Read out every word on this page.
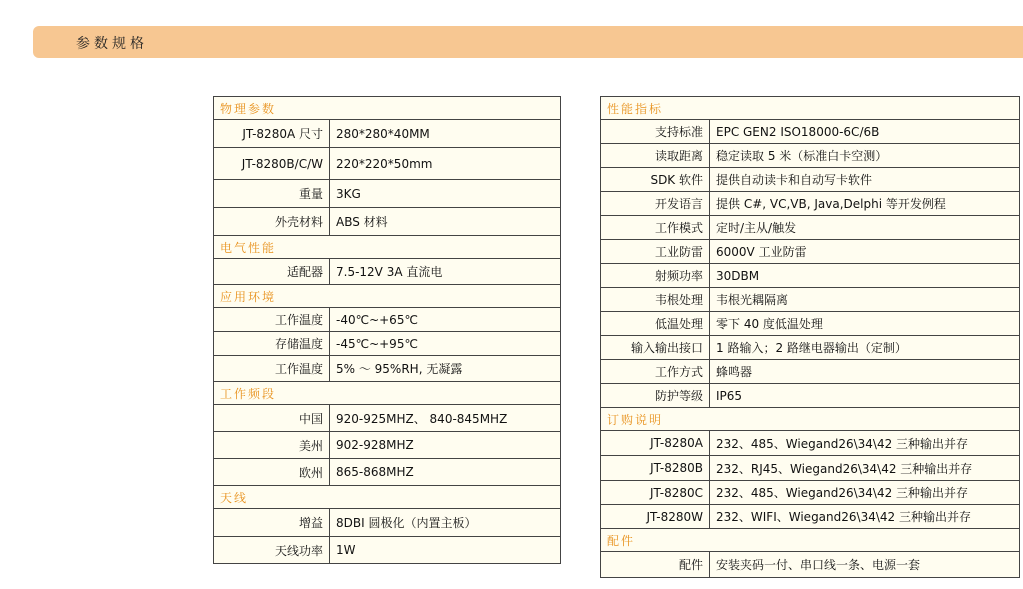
参数规格
物理参数	
JT-8280A 尺寸	280*280*40MM
JT-8280B/C/W	220*220*50mm
重量	3KG
外壳材料	ABS 材料
电气性能	
适配器	7.5-12V 3A 直流电
应用环境	
工作温度	-40℃~+65℃
存储温度	-45℃~+95℃
工作温度	5% ～ 95%RH, 无凝露
工作频段	
中国	920-925MHZ、 840-845MHZ
美州	902-928MHZ
欧州	865-868MHZ
天线	
增益	8DBI 圆极化（内置主板）
天线功率	1W
性能指标	
支持标准	EPC GEN2 ISO18000-6C/6B
读取距离	稳定读取 5 米（标准白卡空测）
SDK 软件	提供自动读卡和自动写卡软件
开发语言	提供 C#, VC,VB, Java,Delphi 等开发例程
工作模式	定时/主从/触发
工业防雷	6000V 工业防雷
射频功率	30DBM
韦根处理	韦根光耦隔离
低温处理	零下 40 度低温处理
输入输出接口	1 路输入；2 路继电器输出（定制）
工作方式	蜂鸣器
防护等级	IP65
订购说明	
JT-8280A	232、485、Wiegand26\34\42 三种输出并存
JT-8280B	232、RJ45、Wiegand26\34\42 三种输出并存
JT-8280C	232、485、Wiegand26\34\42 三种输出并存
JT-8280W	232、WIFI、Wiegand26\34\42 三种输出并存
配件	
配件	安装夹码一付、串口线一条、电源一套
